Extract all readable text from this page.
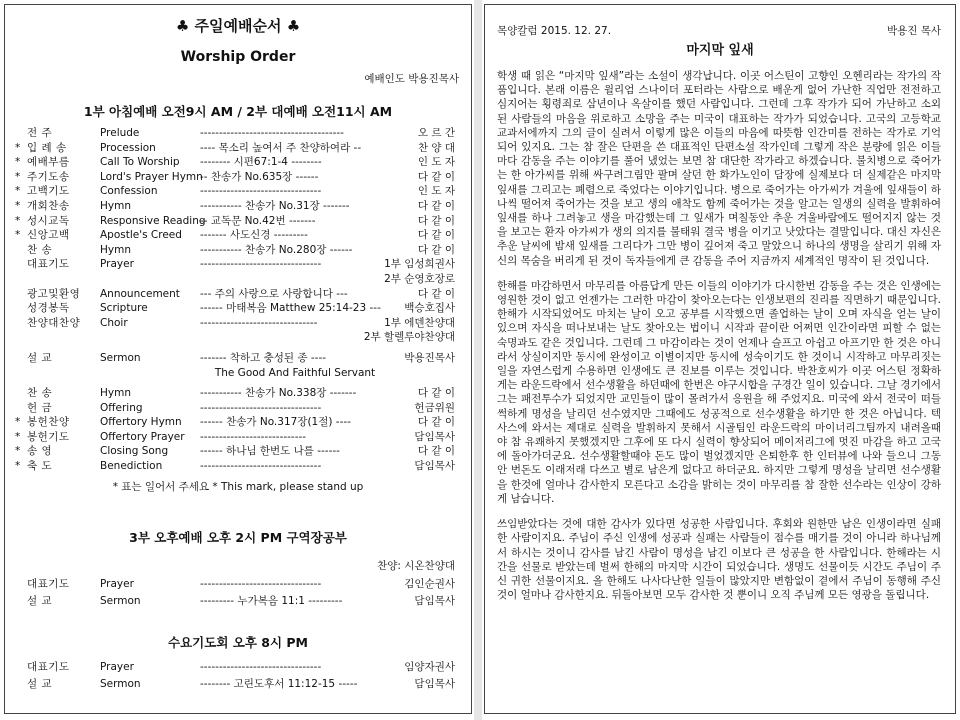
♣ 주일예배순서 ♣
Worship Order
예배인도 박용진목사
1부 아침예배 오전9시 AM / 2부 대예배 오전11시 AM
전 주	Prelude	--------------------------------------	오 르 간
* 입 례 송	Procession	---- 목소리 높여서 주 찬양하여라 --	찬 양 대
* 예배부름	Call To Worship	-------- 시편67:1-4 --------	인 도 자
* 주기도송	Lord's Prayer Hymn
-- 찬송가 No.635장 ------	다 같 이
* 고백기도	Confession	--------------------------------	인 도 자
* 개회찬송	Hymn	----------- 찬송가 No.31장 -------	다 같 이
* 성시교독	Responsive Reading
-- 교독문 No.42번 -------	다 같 이
* 신앙고백	Apostle's Creed	------- 사도신경 ---------	다 같 이
찬 송	Hymn	----------- 찬송가 No.280장 ------	다 같 이
대표기도	Prayer	--------------------------------	1부 임성희권사
2부 순영호장로
광고및환영	Announcement	--- 주의 사랑으로 사랑합니다 ---	다 같 이
성경봉독	Scripture	------ 마태복음 Matthew 25:14-23 ---	백승호집사
찬양대찬양	Choir	-------------------------------	1부 에덴찬양대
2부 할렐루야찬양대
설 교	Sermon	------- 착하고 충성된 종 ----	박용진목사
The Good And Faithful Servant
찬 송	Hymn	----------- 찬송가 No.338장 -------	다 같 이
헌 금	Offering	--------------------------------	헌금위원
* 봉헌찬양	Offertory Hymn	------ 찬송가 No.317장(1절) ----	다 같 이
* 봉헌기도	Offertory Prayer	----------------------------	담임목사
* 송 영	Closing Song	------ 하나님 한번도 나를 ------	다 같 이
* 축 도	Benediction	--------------------------------	담임목사
* 표는 일어서 주세요 * This mark, please stand up
3부 오후예배 오후 2시 PM 구역장공부
찬양: 시온찬양대
대표기도	Prayer	--------------------------------	김인순권사
설 교	Sermon	--------- 누가복음 11:1 ---------	담임목사
수요기도회 오후 8시 PM
대표기도	Prayer	--------------------------------	임양자권사
설 교	Sermon	-------- 고린도후서 11:12-15 -----	담임목사
목양칼럼 2015. 12. 27.	박용진 목사
마지막 잎새

학생 때 읽은 “마지막 잎새”라는 소설이 생각납니다. 이곳 어스틴이 고향인 오헨리라는 작가의 작품입니다. 본래 이름은 윌리엄 스나이더 포터라는 사람으로 배운게 없어 가난한 직업만 전전하고 심지어는 횡령죄로 삼년이나 옥살이를 했던 사람입니다. 그런데 그후 작가가 되어 가난하고 소외된 사람들의 마음을 위로하고 소망을 주는 미국이 대표하는 작가가 되었습니다. 고국의 고등학교 교과서에까지 그의 글이 실려서 이렇게 많은 이들의 마음에 따뜻함 인간미를 전하는 작가로 기억되어 있지요. 그는 참 잘은 단편을 쓴 대표적인 단편소설 작가인데 그렇게 작은 분량에 읽은 이들마다 감동을 주는 이야기를 풀어 냈었는 보면 참 대단한 작가라고 하겠습니다. 불치병으로 죽어가는 한 아가씨를 위해 싸구려그림만 팔며 살던 한 화가노인이 담장에 실제보다 더 실제같은 마지막 잎새를 그리고는 폐렴으로 죽었다는 이야기입니다. 병으로 죽어가는 아가씨가 겨울에 잎새들이 하나씩 떨어져 죽어가는 것을 보고 생의 애착도 함께 죽어가는 것을 알고는 일생의 실력을 발휘하여 잎새를 하나 그려놓고 생을 마감했는데 그 잎새가 며칠동안 추운 겨울바람에도 떨어지지 않는 것을 보고는 환자 아가씨가 생의 의지를 불태워 결국 병을 이기고 낫았다는 결말입니다. 대신 자신은 추운 날씨에 밤새 잎새를 그리다가 그만 병이 깊어져 죽고 말았으니 하나의 생명을 살리기 위해 자신의 목숨을 버리게 된 것이 독자들에게 큰 감동을 주어 지금까지 세계적인 명작이 된 것입니다.

한해를 마감하면서 마무리를 아름답게 만든 이들의 이야기가 다시한번 감동을 주는 것은 인생에는 영원한 것이 없고 언젠가는 그러한 마감이 찾아오는다는 인생보편의 진리를 직면하기 때문입니다. 한해가 시작되었어도 마치는 날이 오고 공부를 시작했으면 졸업하는 날이 오며 자식을 얻는 날이 있으며 자식을 떠나보내는 날도 찾아오는 법이니 시작과 끝이란 어쩌면 인간이라면 피할 수 없는 숙명과도 같은 것입니다. 그런데 그 마감이라는 것이 언제나 슬프고 아쉽고 아프기만 한 것은 아니라서 상실이지만 동시에 완성이고 이별이지만 동시에 성숙이기도 한 것이니 시작하고 마무리짓는 일을 자연스럽게 수용하면 인생에도 큰 진보를 이루는 것입니다. 박찬호씨가 이곳 어스틴 정확하게는 라운드락에서 선수생활을 하던때에 한번은 야구시합을 구경간 일이 있습니다. 그날 경기에서 그는 패전투수가 되었지만 교민들이 많이 몰려가서 응원을 해 주었지요. 미국에 와서 전국이 떠들썩하게 명성을 날리던 선수였지만 그때에도 성공적으로 선수생활을 하기만 한 것은 아닙니다. 텍사스에 와서는 제대로 실력을 발휘하지 못해서 시골팀인 라운드락의 마이너리그팀까지 내려올때야 참 유쾌하지 못했겠지만 그후에 또 다시 실력이 향상되어 메이저리그에 멋진 마감을 하고 고국에 돌아가더군요. 선수생활할때야 돈도 많이 벌었겠지만 은퇴한후 한 인터뷰에 나와 들으니 그동안 번돈도 이래저래 다쓰고 별로 남은게 없다고 하더군요. 하지만 그렇게 명성을 날리면 선수생활을 한것에 얼마나 감사한지 모른다고 소감을 밝히는 것이 마무리를 참 잘한 선수라는 인상이 강하게 남습니다.

쓰임받았다는 것에 대한 감사가 있다면 성공한 사람입니다. 후회와 원한만 남은 인생이라면 실패한 사람이지요. 주님이 주신 인생에 성공과 실패는 사람들이 점수를 매기를 것이 아니라 하나님께서 하시는 것이니 감사를 남긴 사람이 명성을 남긴 이보다 큰 성공을 한 사람입니다. 한해라는 시간을 선물로 받았는데 벌써 한해의 마지막 시간이 되었습니다. 생명도 선물이듯 시간도 주님이 주신 귀한 선물이지요. 올 한해도 나사다난한 일들이 많았지만 변함없이 곁에서 주님이 동행해 주신것이 얼마나 감사한지요. 뒤돌아보면 모두 감사한 것 뿐이니 오직 주님께 모든 영광을 돌립니다.
